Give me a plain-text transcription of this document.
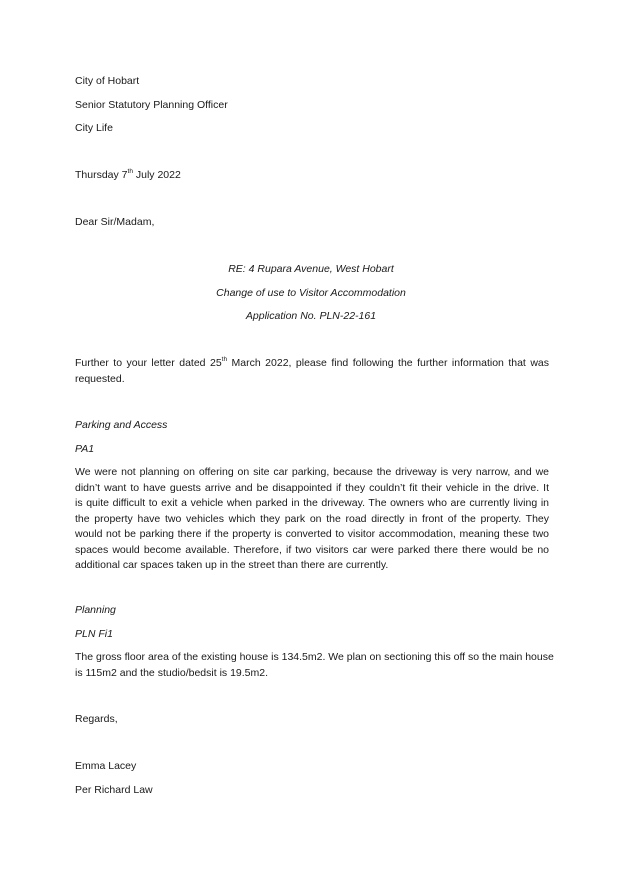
City of Hobart
Senior Statutory Planning Officer
City Life
Thursday 7th July 2022
Dear Sir/Madam,
RE: 4 Rupara Avenue, West Hobart
Change of use to Visitor Accommodation
Application No. PLN-22-161
Further to your letter dated 25th March 2022, please find following the further information that was
requested.
Parking and Access
PA1
We were not planning on offering on site car parking, because the driveway is very narrow, and we
didn’t want to have guests arrive and be disappointed if they couldn’t fit their vehicle in the drive. It
is quite difficult to exit a vehicle when parked in the driveway. The owners who are currently living in
the property have two vehicles which they park on the road directly in front of the property. They
would not be parking there if the property is converted to visitor accommodation, meaning these two
spaces would become available. Therefore, if two visitors car were parked there there would be no
additional car spaces taken up in the street than there are currently.
Planning
PLN Fi1
The gross floor area of the existing house is 134.5m2. We plan on sectioning this off so the main house
is 115m2 and the studio/bedsit is 19.5m2.
Regards,
Emma Lacey
Per Richard Law
